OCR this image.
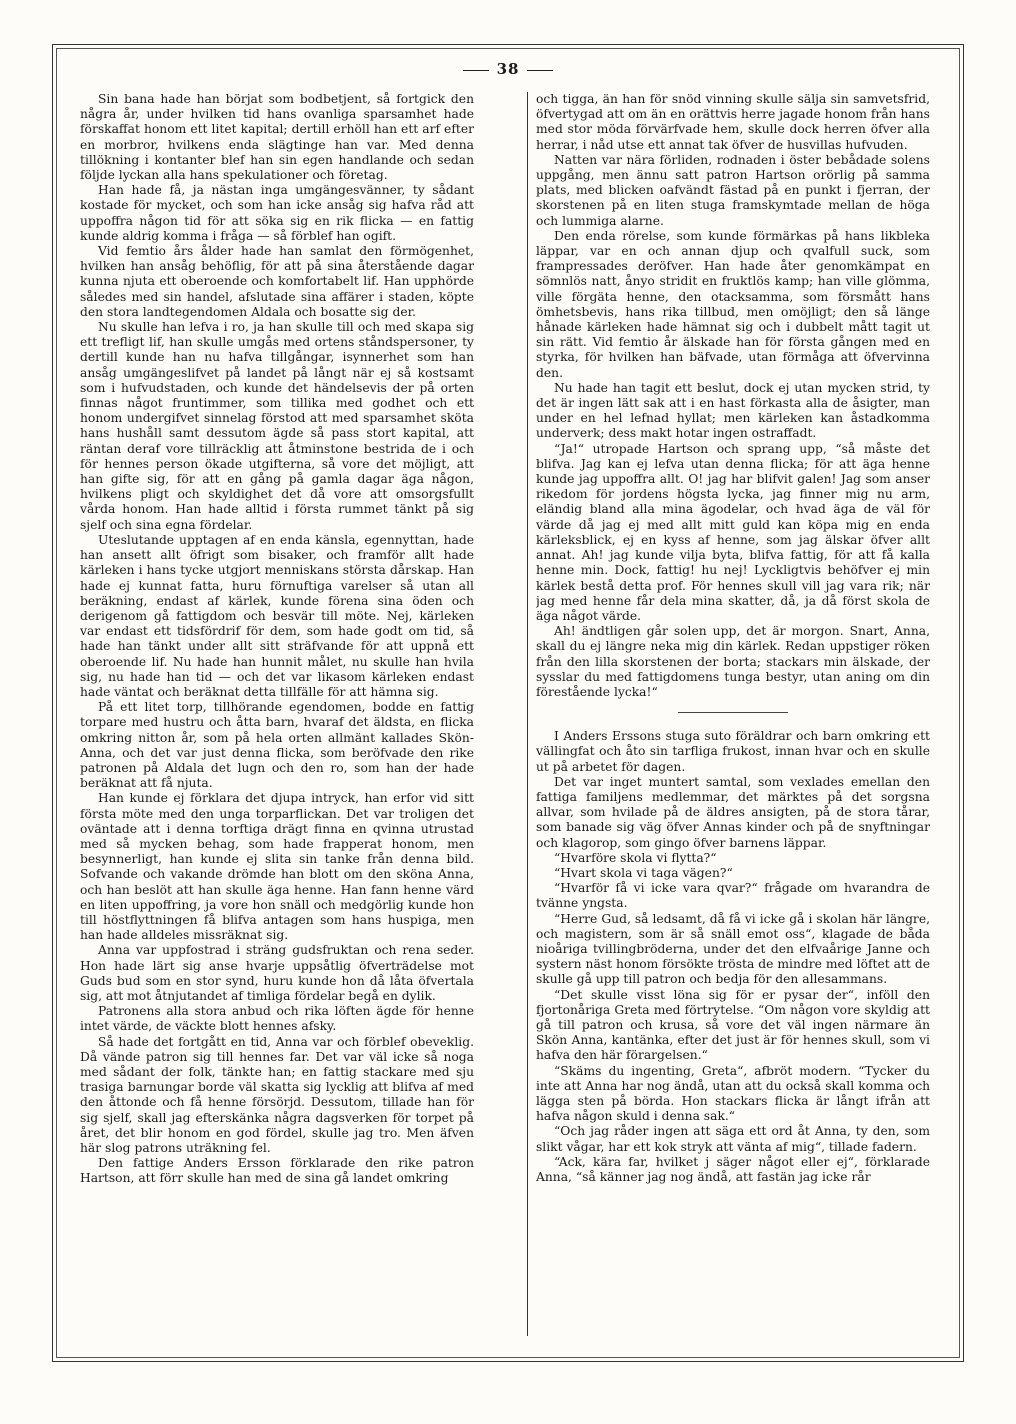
38

Sin bana hade han börjat som bodbetjent, så fortgick den några år, under hvilken tid hans ovanliga sparsamhet hade förskaffat honom ett litet kapital; dertill erhöll han ett arf efter en morbror, hvilkens enda slägtinge han var. Med denna tillökning i kontanter blef han sin egen handlande och sedan följde lyckan alla hans spekulationer och företag.

Han hade få, ja nästan inga umgängesvänner, ty sådant kostade för mycket, och som han icke ansåg sig hafva råd att uppoffra någon tid för att söka sig en rik flicka — en fattig kunde aldrig komma i fråga — så förblef han ogift.

Vid femtio års ålder hade han samlat den förmögenhet, hvilken han ansåg behöflig, för att på sina återstående dagar kunna njuta ett oberoende och komfortabelt lif. Han upphörde således med sin handel, afslutade sina affärer i staden, köpte den stora landtegendomen Aldala och bosatte sig der.

Nu skulle han lefva i ro, ja han skulle till och med skapa sig ett trefligt lif, han skulle umgås med ortens ståndspersoner, ty dertill kunde han nu hafva tillgångar, isynnerhet som han ansåg umgängeslifvet på landet på långt när ej så kostsamt som i hufvudstaden, och kunde det händelsevis der på orten finnas något fruntimmer, som tillika med godhet och ett honom undergifvet sinnelag förstod att med sparsamhet sköta hans hushåll samt dessutom ägde så pass stort kapital, att räntan deraf vore tillräcklig att åtminstone bestrida de i och för hennes person ökade utgifterna, så vore det möjligt, att han gifte sig, för att en gång på gamla dagar äga någon, hvilkens pligt och skyldighet det då vore att omsorgsfullt vårda honom. Han hade alltid i första rummet tänkt på sig sjelf och sina egna fördelar.

Uteslutande upptagen af en enda känsla, egennyttan, hade han ansett allt öfrigt som bisaker, och framför allt hade kärleken i hans tycke utgjort menniskans största dårskap. Han hade ej kunnat fatta, huru förnuftiga varelser så utan all beräkning, endast af kärlek, kunde förena sina öden och derigenom gå fattigdom och besvär till möte. Nej, kärleken var endast ett tidsfördrif för dem, som hade godt om tid, så hade han tänkt under allt sitt sträfvande för att uppnå ett oberoende lif. Nu hade han hunnit målet, nu skulle han hvila sig, nu hade han tid — och det var likasom kärleken endast hade väntat och beräknat detta tillfälle för att hämna sig.

På ett litet torp, tillhörande egendomen, bodde en fattig torpare med hustru och åtta barn, hvaraf det äldsta, en flicka omkring nitton år, som på hela orten allmänt kallades Skön-Anna, och det var just denna flicka, som beröfvade den rike patronen på Aldala det lugn och den ro, som han der hade beräknat att få njuta.

Han kunde ej förklara det djupa intryck, han erfor vid sitt första möte med den unga torparflickan. Det var troligen det oväntade att i denna torftiga drägt finna en qvinna utrustad med så mycken behag, som hade frapperat honom, men besynnerligt, han kunde ej slita sin tanke från denna bild. Sofvande och vakande drömde han blott om den sköna Anna, och han beslöt att han skulle äga henne. Han fann henne värd en liten uppoffring, ja vore hon snäll och medgörlig kunde hon till höstflyttningen få blifva antagen som hans huspiga, men han hade alldeles missräknat sig.

Anna var uppfostrad i sträng gudsfruktan och rena seder. Hon hade lärt sig anse hvarje uppsåtlig öfverträdelse mot Guds bud som en stor synd, huru kunde hon då låta öfvertala sig, att mot åtnjutandet af timliga fördelar begå en dylik.

Patronens alla stora anbud och rika löften ägde för henne intet värde, de väckte blott hennes afsky.

Så hade det fortgått en tid, Anna var och förblef obeveklig. Då vände patron sig till hennes far. Det var väl icke så noga med sådant der folk, tänkte han; en fattig stackare med sju trasiga barnungar borde väl skatta sig lycklig att blifva af med den åttonde och få henne försörjd. Dessutom, tillade han för sig sjelf, skall jag efterskänka några dagsverken för torpet på året, det blir honom en god fördel, skulle jag tro. Men äfven här slog patrons uträkning fel.

Den fattige Anders Ersson förklarade den rike patron Hartson, att förr skulle han med de sina gå landet omkring

och tigga, än han för snöd vinning skulle sälja sin samvetsfrid, öfvertygad att om än en orättvis herre jagade honom från hans med stor möda förvärfvade hem, skulle dock herren öfver alla herrar, i nåd utse ett annat tak öfver de husvillas hufvuden.

Natten var nära förliden, rodnaden i öster bebådade solens uppgång, men ännu satt patron Hartson orörlig på samma plats, med blicken oafvändt fästad på en punkt i fjerran, der skorstenen på en liten stuga framskymtade mellan de höga och lummiga alarne.

Den enda rörelse, som kunde förmärkas på hans likbleka läppar, var en och annan djup och qvalfull suck, som frampressades deröfver. Han hade åter genomkämpat en sömnlös natt, ånyo stridit en fruktlös kamp; han ville glömma, ville förgäta henne, den otacksamma, som försmått hans ömhetsbevis, hans rika tillbud, men omöjligt; den så länge hånade kärleken hade hämnat sig och i dubbelt mått tagit ut sin rätt. Vid femtio år älskade han för första gången med en styrka, för hvilken han bäfvade, utan förmåga att öfvervinna den.

Nu hade han tagit ett beslut, dock ej utan mycken strid, ty det är ingen lätt sak att i en hast förkasta alla de åsigter, man under en hel lefnad hyllat; men kärleken kan åstadkomma underverk; dess makt hotar ingen ostraffadt.

“Ja!“ utropade Hartson och sprang upp, “så måste det blifva. Jag kan ej lefva utan denna flicka; för att äga henne kunde jag uppoffra allt. O! jag har blifvit galen! Jag som anser rikedom för jordens högsta lycka, jag finner mig nu arm, eländig bland alla mina ägodelar, och hvad äga de väl för värde då jag ej med allt mitt guld kan köpa mig en enda kärleksblick, ej en kyss af henne, som jag älskar öfver allt annat. Ah! jag kunde vilja byta, blifva fattig, för att få kalla henne min. Dock, fattig! hu nej! Lyckligtvis behöfver ej min kärlek bestå detta prof. För hennes skull vill jag vara rik; när jag med henne får dela mina skatter, då, ja då först skola de äga något värde.

Ah! ändtligen går solen upp, det är morgon. Snart, Anna, skall du ej längre neka mig din kärlek. Redan uppstiger röken från den lilla skorstenen der borta; stackars min älskade, der sysslar du med fattigdomens tunga bestyr, utan aning om din förestående lycka!“

I Anders Erssons stuga suto föräldrar och barn omkring ett vällingfat och åto sin tarfliga frukost, innan hvar och en skulle ut på arbetet för dagen.

Det var inget muntert samtal, som vexlades emellan den fattiga familjens medlemmar, det märktes på det sorgsna allvar, som hvilade på de äldres ansigten, på de stora tårar, som banade sig väg öfver Annas kinder och på de snyftningar och klagorop, som gingo öfver barnens läppar.

“Hvarföre skola vi flytta?“

“Hvart skola vi taga vägen?“

“Hvarför få vi icke vara qvar?“ frågade om hvarandra de tvänne yngsta.

“Herre Gud, så ledsamt, då få vi icke gå i skolan här längre, och magistern, som är så snäll emot oss“, klagade de båda nioåriga tvillingbröderna, under det den elfvaårige Janne och systern näst honom försökte trösta de mindre med löftet att de skulle gå upp till patron och bedja för den allesammans.

“Det skulle visst löna sig för er pysar der“, inföll den fjortonåriga Greta med förtrytelse. “Om någon vore skyldig att gå till patron och krusa, så vore det väl ingen närmare än Skön Anna, kantänka, efter det just är för hennes skull, som vi hafva den här förargelsen.“

“Skäms du ingenting, Greta“, afbröt modern. “Tycker du inte att Anna har nog ändå, utan att du också skall komma och lägga sten på börda. Hon stackars flicka är långt ifrån att hafva någon skuld i denna sak.“

“Och jag råder ingen att säga ett ord åt Anna, ty den, som slikt vågar, har ett kok stryk att vänta af mig“, tillade fadern.

“Ack, kära far, hvilket j säger något eller ej“, förklarade Anna, “så känner jag nog ändå, att fastän jag icke rår
